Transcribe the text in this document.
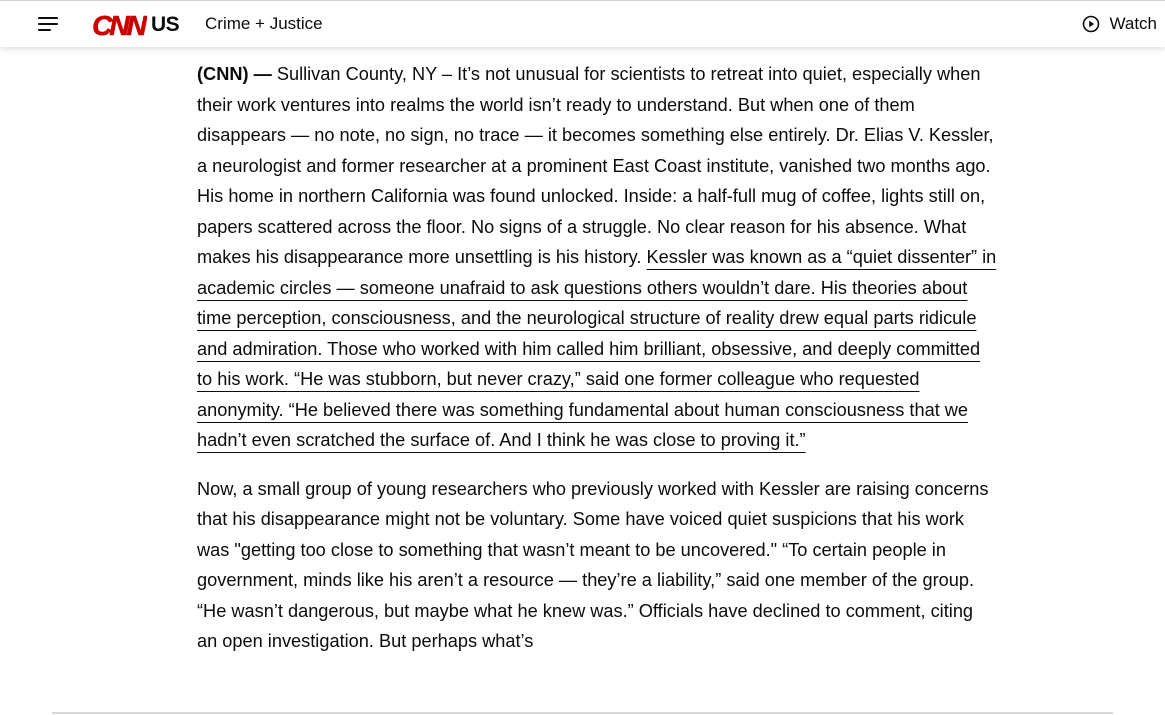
CNN US Crime + Justice	Watch

(CNN) — Sullivan County, NY – It’s not unusual for scientists to retreat into quiet, especially when their work ventures into realms the world isn’t ready to understand. But when one of them disappears — no note, no sign, no trace — it becomes something else entirely. Dr. Elias V. Kessler, a neurologist and former researcher at a prominent East Coast institute, vanished two months ago. His home in northern California was found unlocked. Inside: a half-full mug of coffee, lights still on, papers scattered across the floor. No signs of a struggle. No clear reason for his absence. What makes his disappearance more unsettling is his history. Kessler was known as a “quiet dissenter” in academic circles — someone unafraid to ask questions others wouldn’t dare. His theories about time perception, consciousness, and the neurological structure of reality drew equal parts ridicule and admiration. Those who worked with him called him brilliant, obsessive, and deeply committed to his work. “He was stubborn, but never crazy,” said one former colleague who requested anonymity. “He believed there was something fundamental about human consciousness that we hadn’t even scratched the surface of. And I think he was close to proving it.”

Now, a small group of young researchers who previously worked with Kessler are raising concerns that his disappearance might not be voluntary. Some have voiced quiet suspicions that his work was "getting too close to something that wasn’t meant to be uncovered." “To certain people in government, minds like his aren’t a resource — they’re a liability,” said one member of the group. “He wasn’t dangerous, but maybe what he knew was.” Officials have declined to comment, citing an open investigation. But perhaps what’s
